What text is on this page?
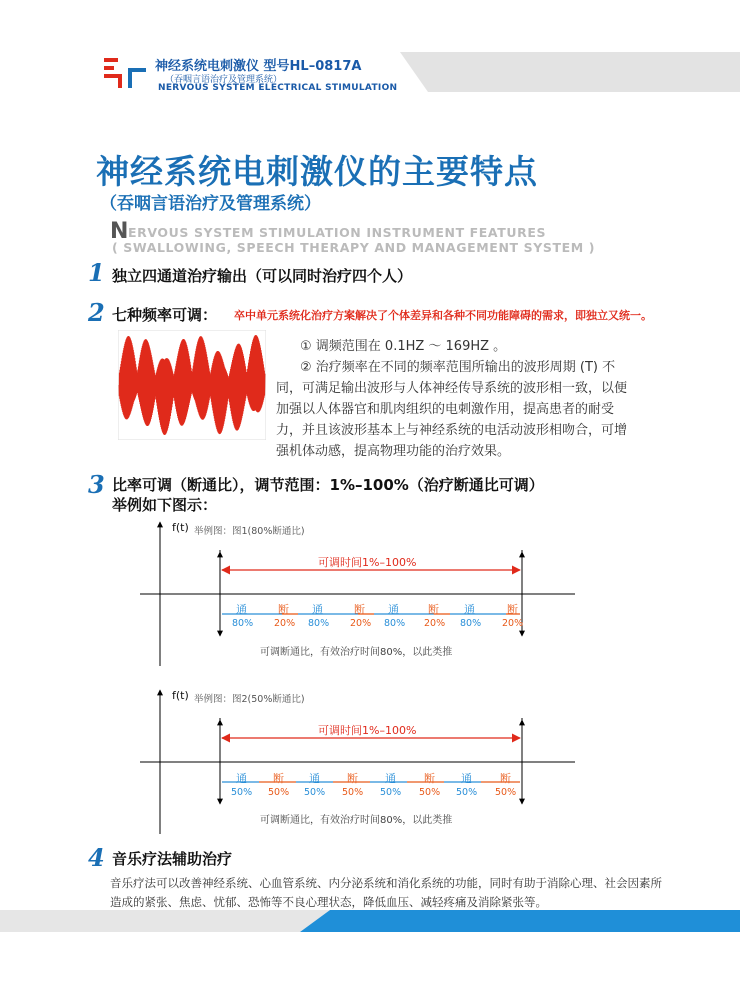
神经系统电刺激仪 型号HL–0817A
（吞咽言语治疗及管理系统）
NERVOUS SYSTEM ELECTRICAL STIMULATION
神经系统电刺激仪的主要特点
（吞咽言语治疗及管理系统）
N ERVOUS SYSTEM STIMULATION INSTRUMENT FEATURES
( SWALLOWING, SPEECH THERAPY AND MANAGEMENT SYSTEM )
1 独立四通道治疗输出（可以同时治疗四个人）
2 七种频率可调： 卒中单元系统化治疗方案解决了个体差异和各种不同功能障碍的需求，即独立又统一。
① 调频范围在 0.1HZ ～ 169HZ 。
② 治疗频率在不同的频率范围所输出的波形周期 (T) 不
同，可满足输出波形与人体神经传导系统的波形相一致，以便
加强以人体器官和肌肉组织的电刺激作用，提高患者的耐受
力，并且该波形基本上与神经系统的电活动波形相吻合，可增
强机体动感，提高物理功能的治疗效果。
3 比率可调（断通比），调节范围：1%–100%（治疗断通比可调）
举例如下图示：
f(t) 举例图：图1(80%断通比)
可调时间1%–100%
通	断 通	断 通	断 通	断
80% 20% 80% 20% 80% 20% 80% 20%
可调断通比，有效治疗时间80%，以此类推
f(t) 举例图：图2(50%断通比)
可调时间1%–100%
通 断 通 断 通	断 通	断
50% 50% 50% 50% 50% 50% 50% 50%
可调断通比，有效治疗时间80%，以此类推
4 音乐疗法辅助治疗
音乐疗法可以改善神经系统、心血管系统、内分泌系统和消化系统的功能，同时有助于消除心理、社会因素所造成的紧张、焦虑、忧郁、恐怖等不良心理状态，降低血压、减轻疼痛及消除紧张等。
